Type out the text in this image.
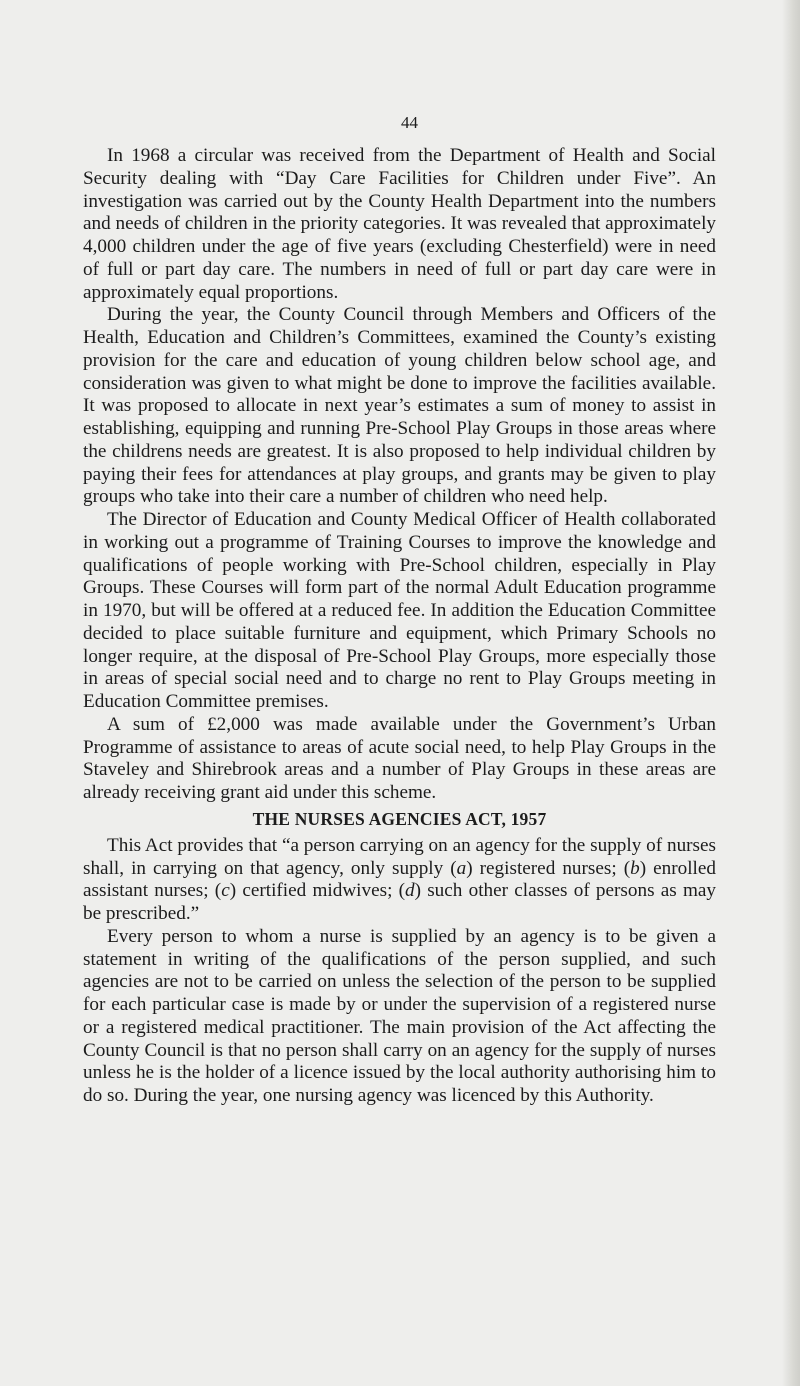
44

In 1968 a circular was received from the Department of Health and Social Security dealing with “Day Care Facilities for Children under Five”. An investigation was carried out by the County Health Department into the numbers and needs of children in the priority categories. It was revealed that approximately 4,000 children under the age of five years (excluding Chesterfield) were in need of full or part day care. The numbers in need of full or part day care were in approximately equal proportions.

During the year, the County Council through Members and Officers of the Health, Education and Children’s Committees, examined the County’s existing provision for the care and education of young children below school age, and consideration was given to what might be done to improve the facilities available. It was proposed to allocate in next year’s estimates a sum of money to assist in establishing, equipping and running Pre-School Play Groups in those areas where the childrens needs are greatest. It is also proposed to help individual children by paying their fees for attendances at play groups, and grants may be given to play groups who take into their care a number of children who need help.

The Director of Education and County Medical Officer of Health collaborated in working out a programme of Training Courses to improve the knowledge and qualifications of people working with Pre-School children, especially in Play Groups. These Courses will form part of the normal Adult Education programme in 1970, but will be offered at a reduced fee. In addition the Education Committee decided to place suitable furniture and equipment, which Primary Schools no longer require, at the disposal of Pre-School Play Groups, more especially those in areas of special social need and to charge no rent to Play Groups meeting in Education Committee premises.

A sum of £2,000 was made available under the Government’s Urban Programme of assistance to areas of acute social need, to help Play Groups in the Staveley and Shirebrook areas and a number of Play Groups in these areas are already receiving grant aid under this scheme.

THE NURSES AGENCIES ACT, 1957

This Act provides that “a person carrying on an agency for the supply of nurses shall, in carrying on that agency, only supply (a) registered nurses; (b) enrolled assistant nurses; (c) certified midwives; (d) such other classes of persons as may be prescribed.”

Every person to whom a nurse is supplied by an agency is to be given a statement in writing of the qualifications of the person supplied, and such agencies are not to be carried on unless the selection of the person to be supplied for each particular case is made by or under the supervision of a registered nurse or a registered medical practitioner. The main provision of the Act affecting the County Council is that no person shall carry on an agency for the supply of nurses unless he is the holder of a licence issued by the local authority authorising him to do so. During the year, one nursing agency was licenced by this Authority.
